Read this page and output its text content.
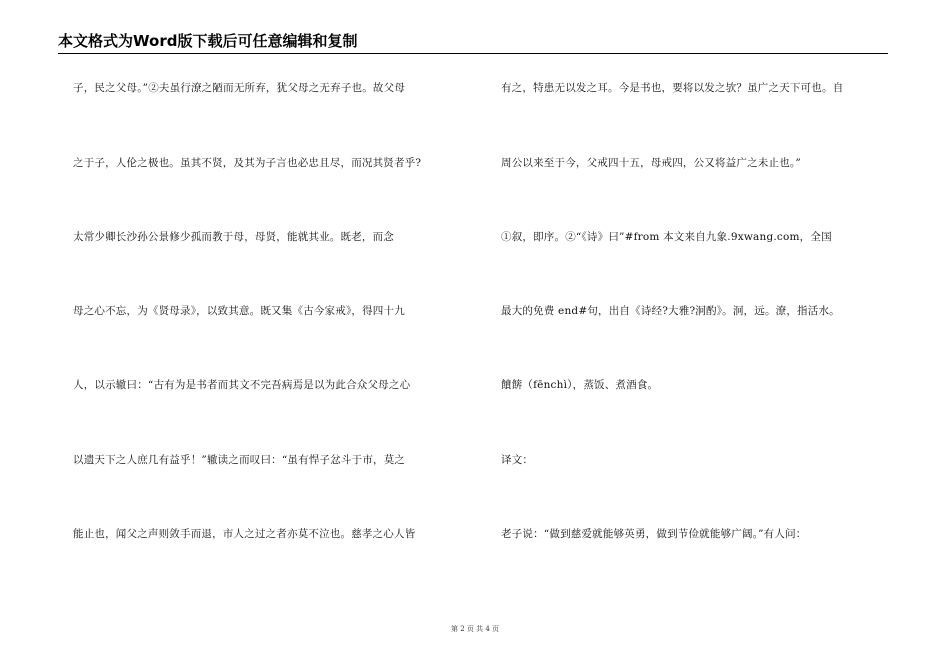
本文格式为Word版下载后可任意编辑和复制
子，民之父母。”②夫虽行潦之陋而无所弃，犹父母之无弃子也。故父母
之于子，人伦之极也。虽其不贤，及其为子言也必忠且尽，而况其贤者乎?
太常少卿长沙孙公景修少孤而教于母，母贤，能就其业。既老，而念
母之心不忘，为《贤母录》，以致其意。既又集《古今家戒》，得四十九
人，以示辙曰：“古有为是书者而其文不完吾病焉是以为此合众父母之心
以遗天下之人庶几有益乎！”辙读之而叹曰：“虽有悍子忿斗于市，莫之
能止也，闻父之声则敛手而退，市人之过之者亦莫不泣也。慈孝之心人皆
有之，特患无以发之耳。今是书也，要将以发之欤？虽广之天下可也。自
周公以来至于今，父戒四十五，母戒四，公又将益广之未止也。”
①叙，即序。②“《诗》曰”#from 本文来自九象.9xwang.com，全国
最大的免费 end#句，出自《诗经?大雅?泂酌》。泂，远。潦，指活水。
饙餴（fēnchì），蒸饭、煮酒食。
译文：
老子说：“做到慈爱就能够英勇，做到节俭就能够广阔。”有人问：
第 2 页 共 4 页
